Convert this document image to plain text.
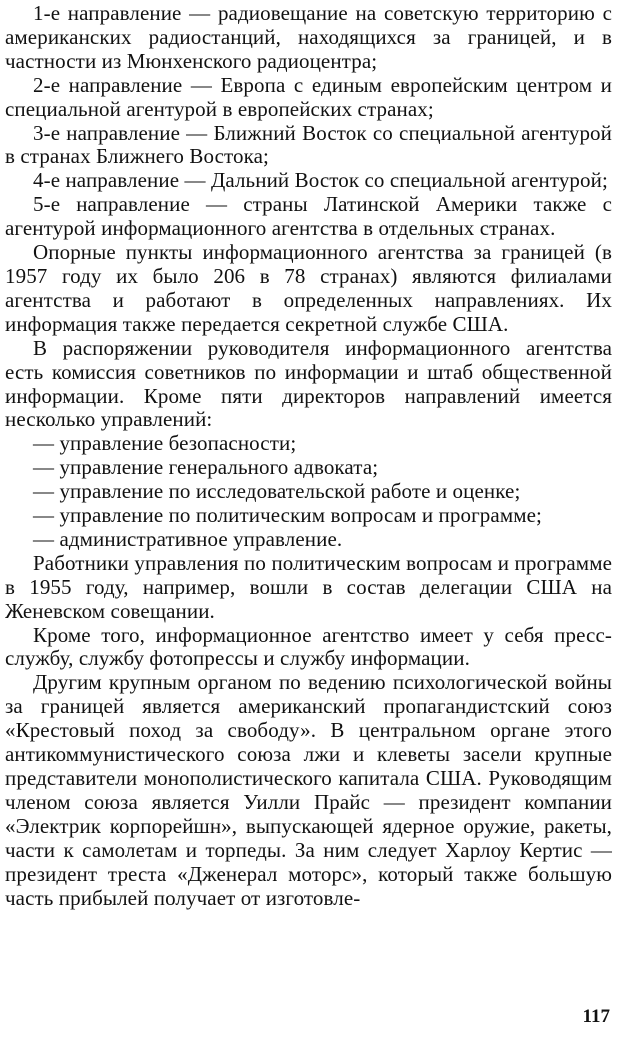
1-е направление — радиовещание на советскую территорию с американских радиостанций, находящихся за границей, и в частности из Мюнхенского радиоцентра;

2-е направление — Европа с единым европейским центром и специальной агентурой в европейских странах;

3-е направление — Ближний Восток со специальной агентурой в странах Ближнего Востока;

4-е направление — Дальний Восток со специальной агентурой;

5-е направление — страны Латинской Америки также с агентурой информационного агентства в отдельных странах.

Опорные пункты информационного агентства за границей (в 1957 году их было 206 в 78 странах) являются филиалами агентства и работают в определенных направлениях. Их информация также передается секретной службе США.

В распоряжении руководителя информационного агентства есть комиссия советников по информации и штаб общественной информации. Кроме пяти директоров направлений имеется несколько управлений:

— управление безопасности;

— управление генерального адвоката;

— управление по исследовательской работе и оценке;

— управление по политическим вопросам и программе;

— административное управление.

Работники управления по политическим вопросам и программе в 1955 году, например, вошли в состав делегации США на Женевском совещании.

Кроме того, информационное агентство имеет у себя пресс-службу, службу фотопрессы и службу информации.

Другим крупным органом по ведению психологической войны за границей является американский пропагандистский союз «Крестовый поход за свободу». В центральном органе этого антикоммунистического союза лжи и клеветы засели крупные представители монополистического капитала США. Руководящим членом союза является Уилли Прайс — президент компании «Электрик корпорейшн», выпускающей ядерное оружие, ракеты, части к самолетам и торпеды. За ним следует Харлоу Кертис — президент треста «Дженерал моторс», который также большую часть прибылей получает от изготовле-

117
